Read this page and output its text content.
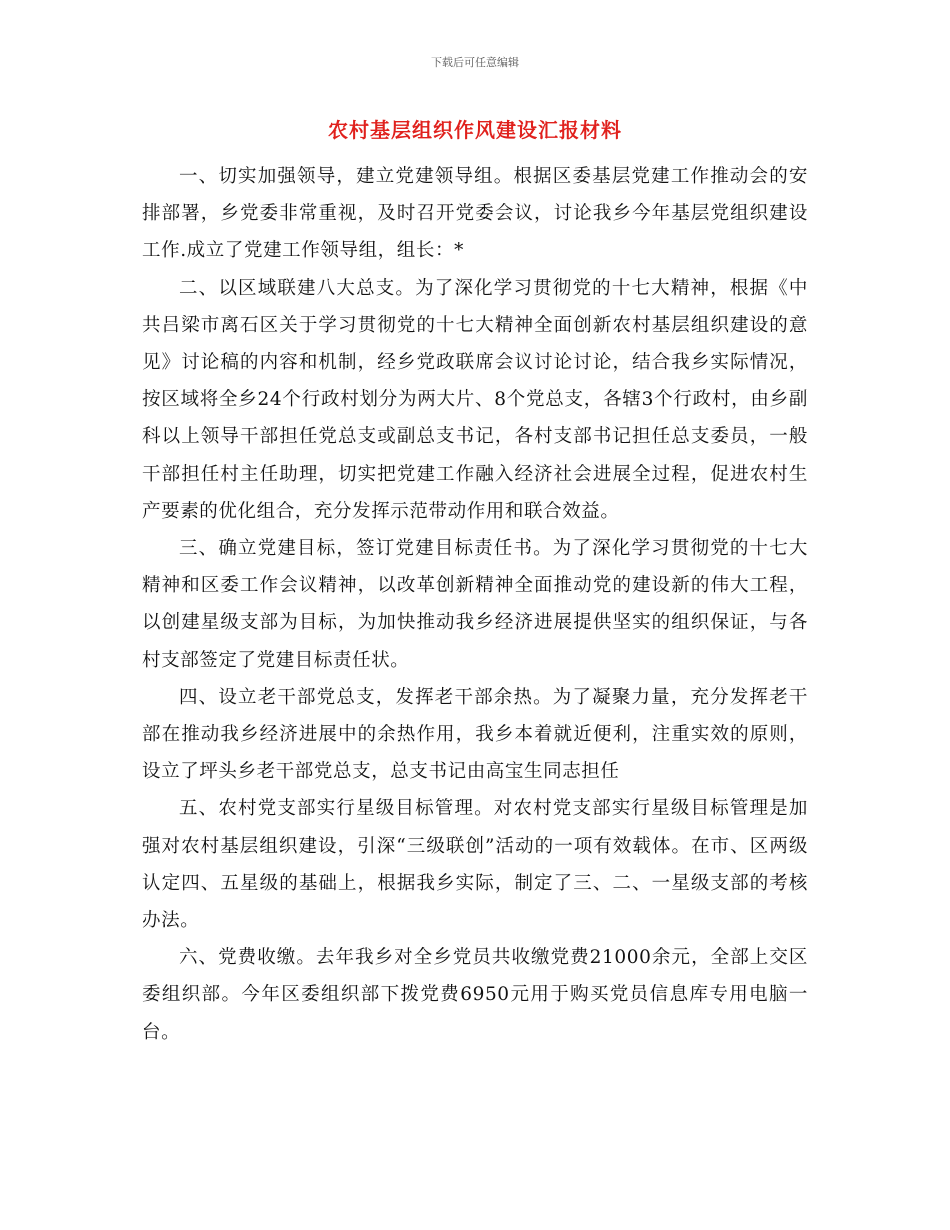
下载后可任意编辑
农村基层组织作风建设汇报材料

一、切实加强领导，建立党建领导组。根据区委基层党建工作推动会的安排部署，乡党委非常重视，及时召开党委会议，讨论我乡今年基层党组织建设工作.成立了党建工作领导组，组长：*

二、以区域联建八大总支。为了深化学习贯彻党的十七大精神，根据《中共吕梁市离石区关于学习贯彻党的十七大精神全面创新农村基层组织建设的意见》讨论稿的内容和机制，经乡党政联席会议讨论讨论，结合我乡实际情况，按区域将全乡24个行政村划分为两大片、8个党总支，各辖3个行政村，由乡副科以上领导干部担任党总支或副总支书记，各村支部书记担任总支委员，一般干部担任村主任助理，切实把党建工作融入经济社会进展全过程，促进农村生产要素的优化组合，充分发挥示范带动作用和联合效益。

三、确立党建目标，签订党建目标责任书。为了深化学习贯彻党的十七大精神和区委工作会议精神，以改革创新精神全面推动党的建设新的伟大工程，以创建星级支部为目标，为加快推动我乡经济进展提供坚实的组织保证，与各村支部签定了党建目标责任状。

四、设立老干部党总支，发挥老干部余热。为了凝聚力量，充分发挥老干部在推动我乡经济进展中的余热作用，我乡本着就近便利，注重实效的原则，设立了坪头乡老干部党总支，总支书记由高宝生同志担任

五、农村党支部实行星级目标管理。对农村党支部实行星级目标管理是加强对农村基层组织建设，引深“三级联创”活动的一项有效载体。在市、区两级认定四、五星级的基础上，根据我乡实际，制定了三、二、一星级支部的考核办法。

六、党费收缴。去年我乡对全乡党员共收缴党费21000余元，全部上交区委组织部。今年区委组织部下拨党费6950元用于购买党员信息库专用电脑一台。
